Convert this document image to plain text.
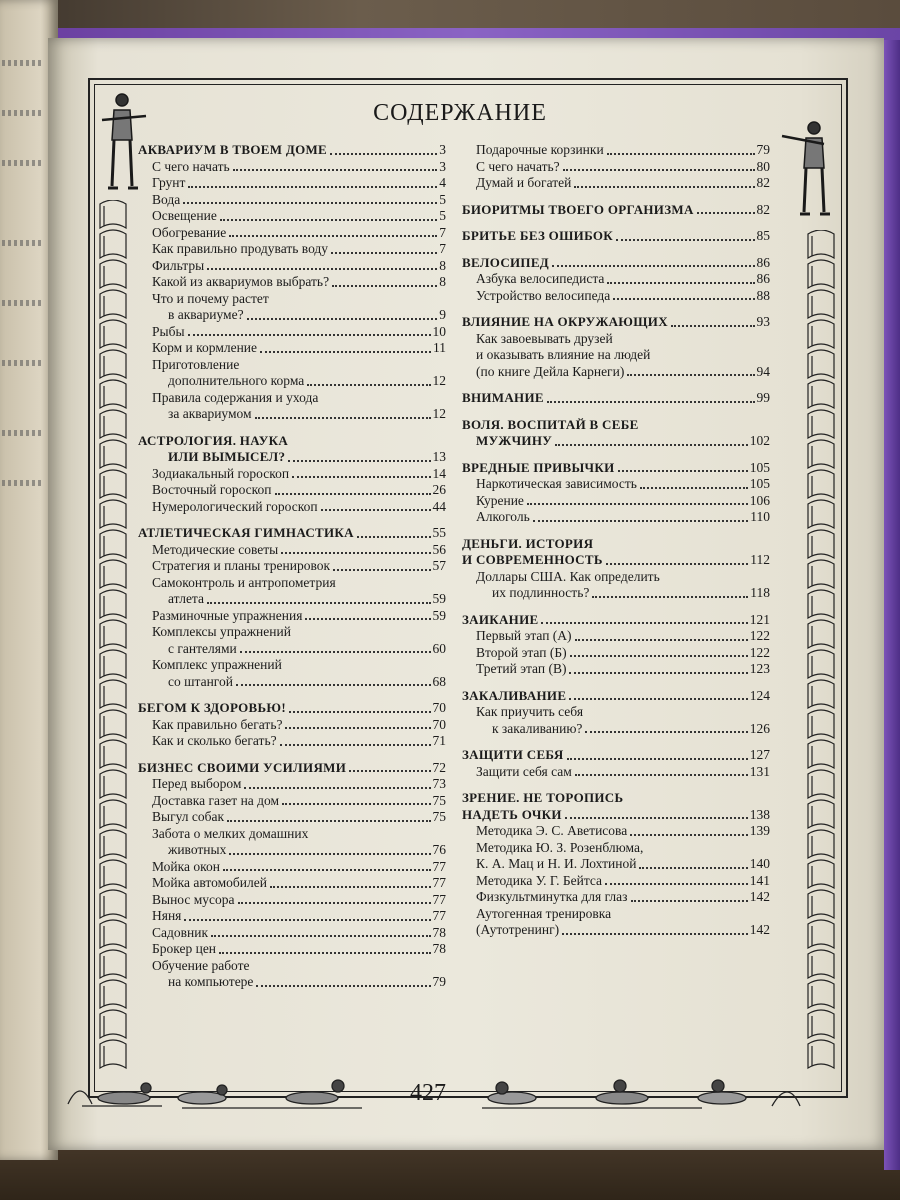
СОДЕРЖАНИЕ
АКВАРИУМ В ТВОЕМ ДОМЕ	3
С чего начать	3
Грунт	4
Вода	5
Освещение	5
Обогревание	7
Как правильно продувать воду	7
Фильтры	8
Какой из аквариумов выбрать?	8
Что и почему растет
в аквариуме?	9
Рыбы	10
Корм и кормление	11
Приготовление
дополнительного корма	12
Правила содержания и ухода
за аквариумом	12
АСТРОЛОГИЯ. НАУКА
ИЛИ ВЫМЫСЕЛ?	13
Зодиакальный гороскоп	14
Восточный гороскоп	26
Нумерологический гороскоп	44
АТЛЕТИЧЕСКАЯ ГИМНАСТИКА	55
Методические советы	56
Стратегия и планы тренировок	57
Самоконтроль и антропометрия
атлета	59
Разминочные упражнения	59
Комплексы упражнений
с гантелями	60
Комплекс упражнений
со штангой	68
БЕГОМ К ЗДОРОВЬЮ!	70
Как правильно бегать?	70
Как и сколько бегать?	71
БИЗНЕС СВОИМИ УСИЛИЯМИ	72
Перед выбором	73
Доставка газет на дом	75
Выгул собак	75
Забота о мелких домашних
животных	76
Мойка окон	77
Мойка автомобилей	77
Вынос мусора	77
Няня	77
Садовник	78
Брокер цен	78
Обучение работе
на компьютере	79
Подарочные корзинки	79
С чего начать?	80
Думай и богатей	82
БИОРИТМЫ ТВОЕГО ОРГАНИЗМА	82
БРИТЬЕ БЕЗ ОШИБОК	85
ВЕЛОСИПЕД	86
Азбука велосипедиста	86
Устройство велосипеда	88
ВЛИЯНИЕ НА ОКРУЖАЮЩИХ	93
Как завоевывать друзей
и оказывать влияние на людей
(по книге Дейла Карнеги)	94
ВНИМАНИЕ	99
ВОЛЯ. ВОСПИТАЙ В СЕБЕ
МУЖЧИНУ	102
ВРЕДНЫЕ ПРИВЫЧКИ	105
Наркотическая зависимость	105
Курение	106
Алкоголь	110
ДЕНЬГИ. ИСТОРИЯ
И СОВРЕМЕННОСТЬ	112
Доллары США. Как определить
их подлинность?	118
ЗАИКАНИЕ	121
Первый этап (А)	122
Второй этап (Б)	122
Третий этап (В)	123
ЗАКАЛИВАНИЕ	124
Как приучить себя
к закаливанию?	126
ЗАЩИТИ СЕБЯ	127
Защити себя сам	131
ЗРЕНИЕ. НЕ ТОРОПИСЬ
НАДЕТЬ ОЧКИ	138
Методика Э. С. Аветисова	139
Методика Ю. З. Розенблюма,
К. А. Мац и Н. И. Лохтиной	140
Методика У. Г. Бейтса	141
Физкультминутка для глаз	142
Аутогенная тренировка
(Аутотренинг)	142
427
